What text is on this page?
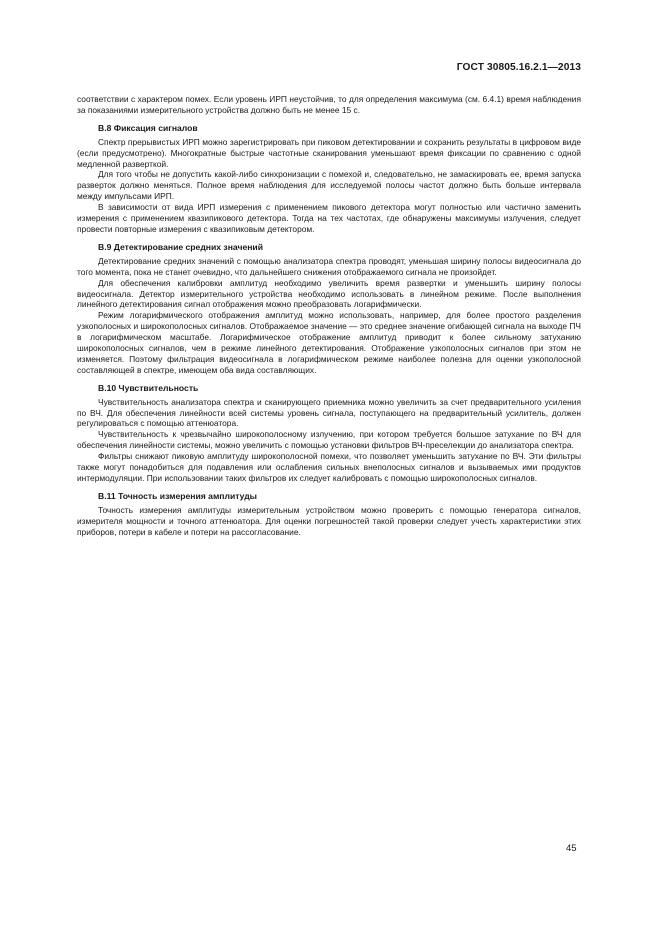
ГОСТ 30805.16.2.1—2013

соответствии с характером помех. Если уровень ИРП неустойчив, то для определения максимума (см. 6.4.1) время наблюдения за показаниями измерительного устройства должно быть не менее 15 с.

В.8 Фиксация сигналов

Спектр прерывистых ИРП можно зарегистрировать при пиковом детектировании и сохранить результаты в цифровом виде (если предусмотрено). Многократные быстрые частотные сканирования уменьшают время фиксации по сравнению с одной медленной разверткой.

Для того чтобы не допустить какой-либо синхронизации с помехой и, следовательно, не замаскировать ее, время запуска разверток должно меняться. Полное время наблюдения для исследуемой полосы частот должно быть больше интервала между импульсами ИРП.

В зависимости от вида ИРП измерения с применением пикового детектора могут полностью или частично заменить измерения с применением квазипикового детектора. Тогда на тех частотах, где обнаружены максимумы излучения, следует провести повторные измерения с квазипиковым детектором.

В.9 Детектирование средних значений

Детектирование средних значений с помощью анализатора спектра проводят, уменьшая ширину полосы видеосигнала до того момента, пока не станет очевидно, что дальнейшего снижения отображаемого сигнала не произойдет.

Для обеспечения калибровки амплитуд необходимо увеличить время развертки и уменьшить ширину полосы видеосигнала. Детектор измерительного устройства необходимо использовать в линейном режиме. После выполнения линейного детектирования сигнал отображения можно преобразовать логарифмически.

Режим логарифмического отображения амплитуд можно использовать, например, для более простого разделения узкополосных и широкополосных сигналов. Отображаемое значение — это среднее значение огибающей сигнала на выходе ПЧ в логарифмическом масштабе. Логарифмическое отображение амплитуд приводит к более сильному затуханию широкополосных сигналов, чем в режиме линейного детектирования. Отображение узкополосных сигналов при этом не изменяется. Поэтому фильтрация видеосигнала в логарифмическом режиме наиболее полезна для оценки узкополосной составляющей в спектре, имеющем оба вида составляющих.

В.10 Чувствительность

Чувствительность анализатора спектра и сканирующего приемника можно увеличить за счет предварительного усиления по ВЧ. Для обеспечения линейности всей системы уровень сигнала, поступающего на предварительный усилитель, должен регулироваться с помощью аттенюатора.

Чувствительность к чрезвычайно широкополосному излучению, при котором требуется большое затухание по ВЧ для обеспечения линейности системы, можно увеличить с помощью установки фильтров ВЧ-преселекции до анализатора спектра.

Фильтры снижают пиковую амплитуду широкополосной помехи, что позволяет уменьшить затухание по ВЧ. Эти фильтры также могут понадобиться для подавления или ослабления сильных внеполосных сигналов и вызываемых ими продуктов интермодуляции. При использовании таких фильтров их следует калибровать с помощью широкополосных сигналов.

В.11 Точность измерения амплитуды

Точность измерения амплитуды измерительным устройством можно проверить с помощью генератора сигналов, измерителя мощности и точного аттенюатора. Для оценки погрешностей такой проверки следует учесть характеристики этих приборов, потери в кабеле и потери на рассогласование.

45
